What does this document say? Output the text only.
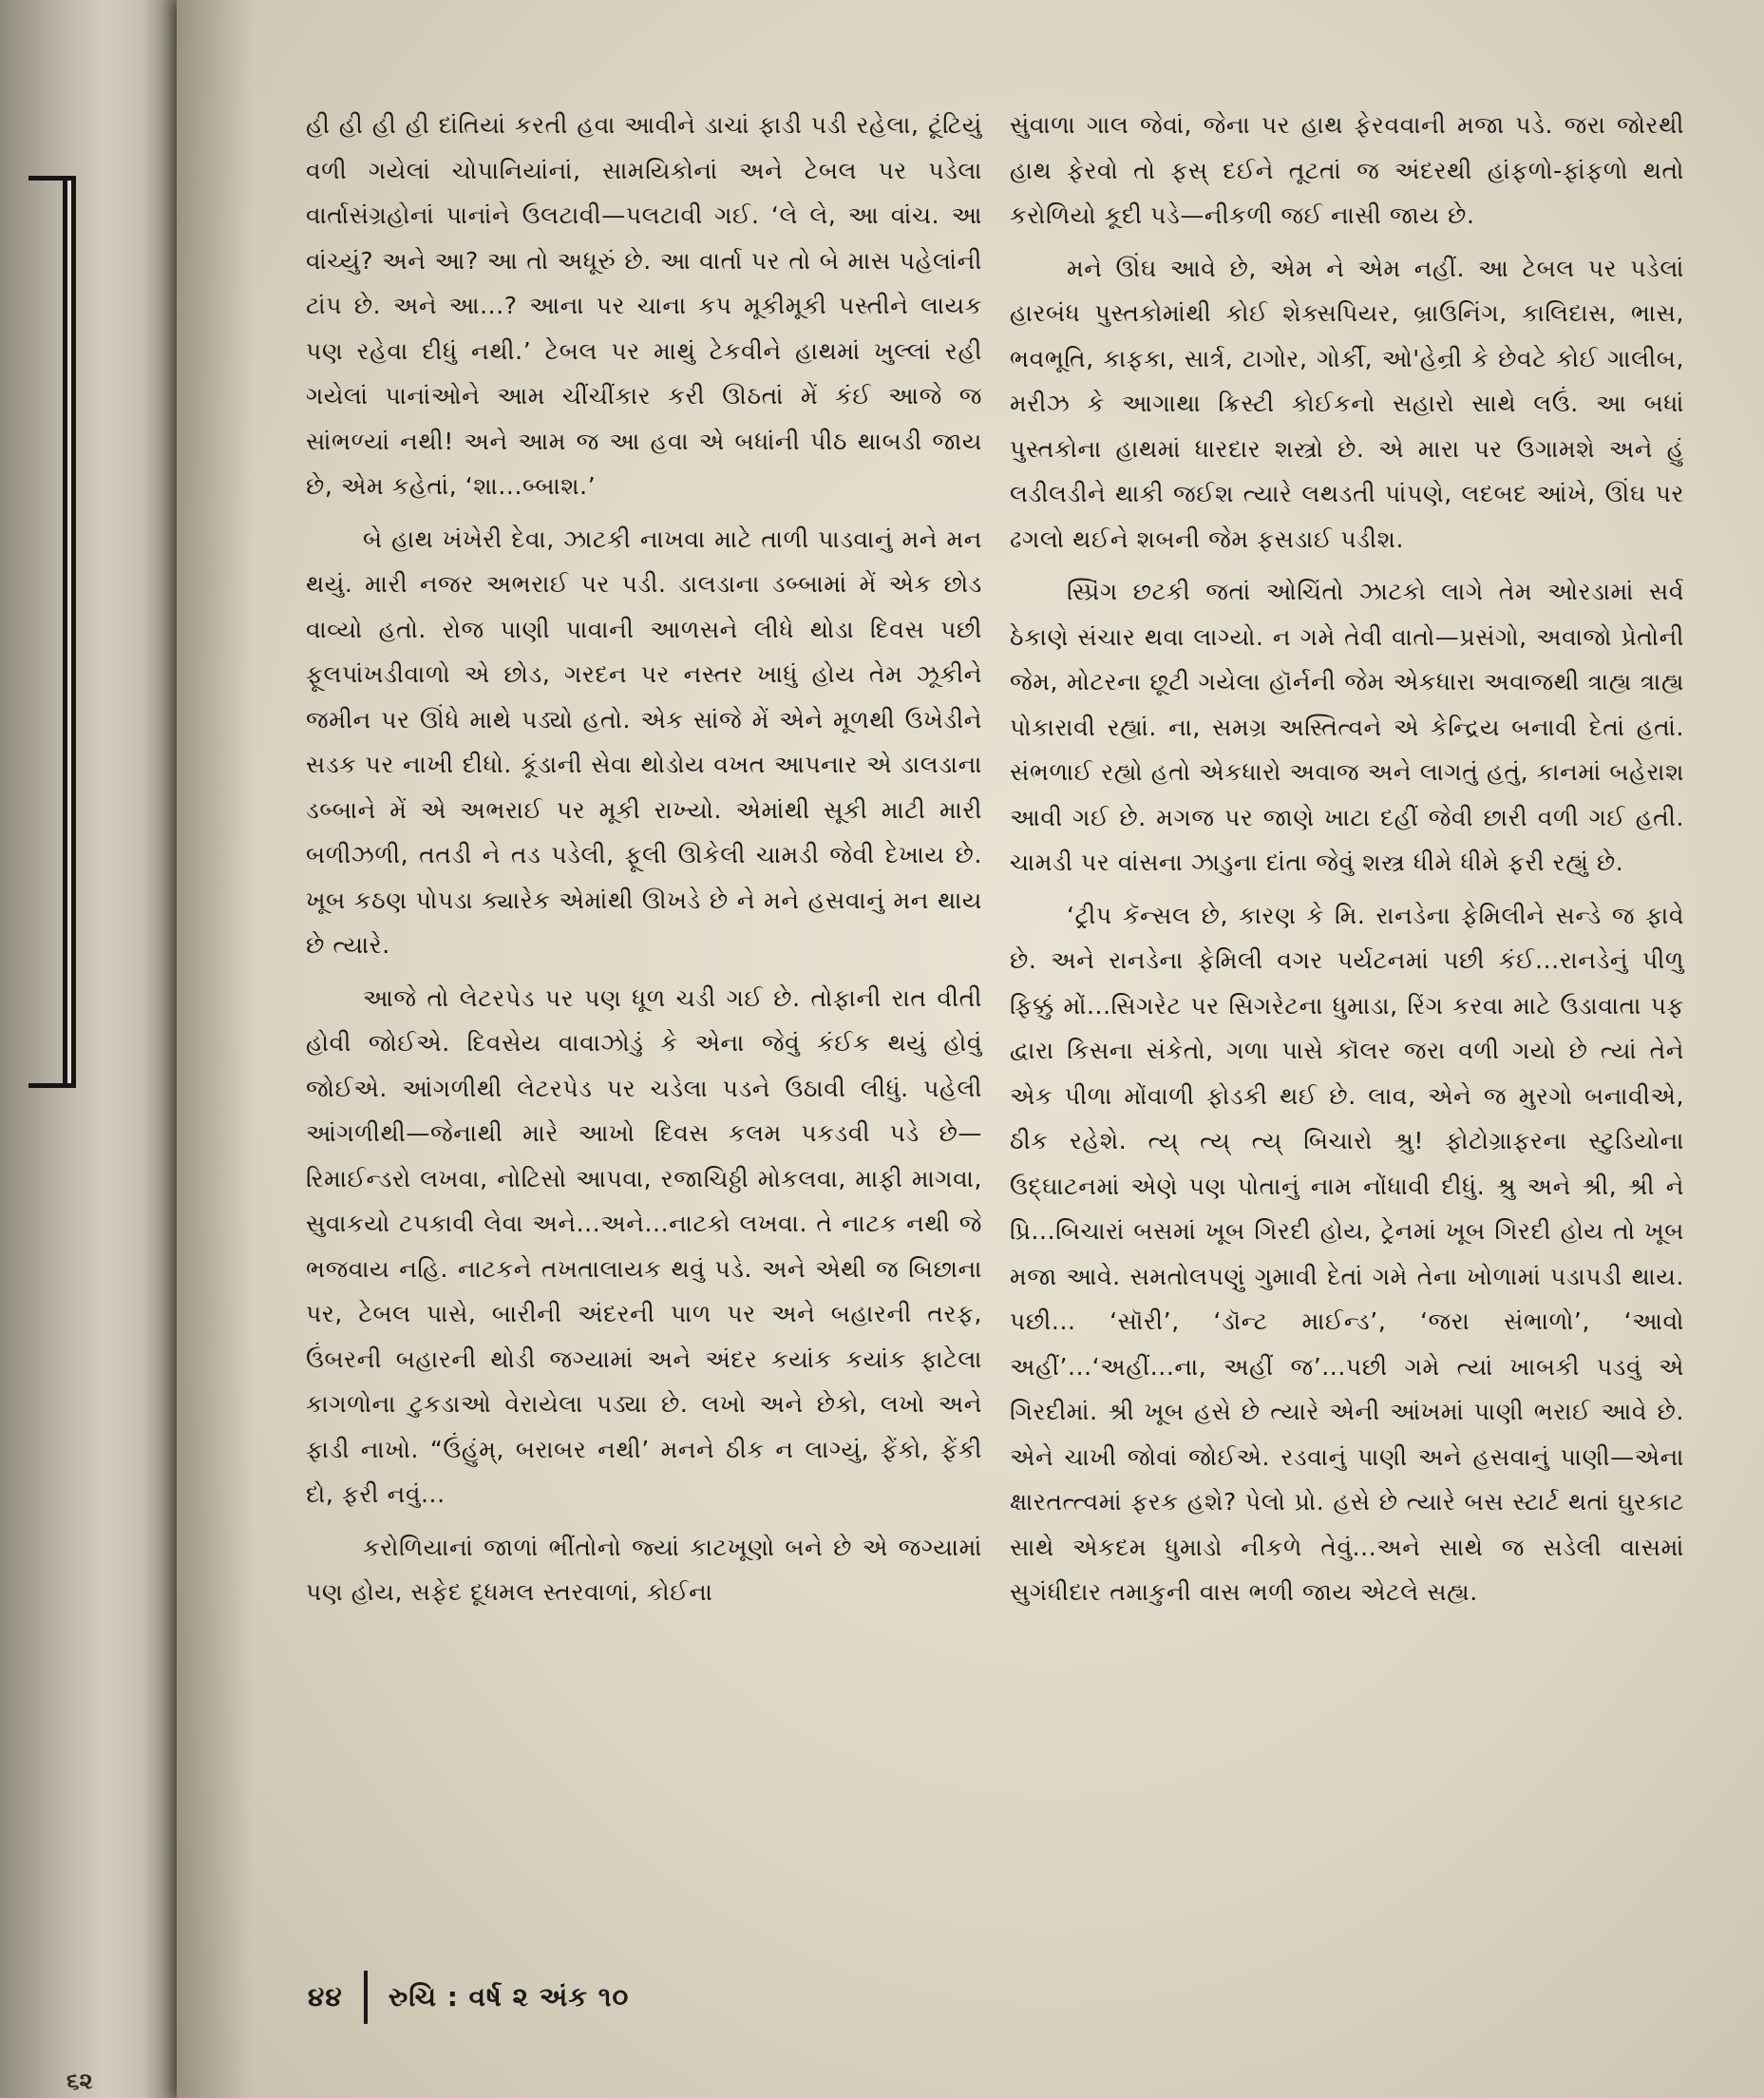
૬૨

હી હી હી હી દાંતિયાં કરતી હવા આવીને ડાચાં ફાડી પડી રહેલા, ટૂંટિયું વળી ગયેલાં ચોપાનિયાંનાં, સામયિકોનાં અને ટેબલ પર પડેલા વાર્તાસંગ્રહોનાં પાનાંને ઉલટાવી—પલટાવી ગઈ. ‘લે લે, આ વાંચ. આ વાંચ્યું? અને આ? આ તો અધૂરું છે. આ વાર્તા પર તો બે માસ પહેલાંની ટાંપ છે. અને આ...? આના પર ચાના કપ મૂકીમૂકી પસ્તીને લાયક પણ રહેવા દીધું નથી.’ ટેબલ પર માથું ટેકવીને હાથમાં ખુલ્લાં રહી ગયેલાં પાનાંઓને આમ ચીંચીંકાર કરી ઊઠતાં મેં કંઈ આજે જ સાંભળ્યાં નથી! અને આમ જ આ હવા એ બધાંની પીઠ થાબડી જાય છે, એમ કહેતાં, ‘શા...બ્બાશ.’

બે હાથ ખંખેરી દેવા, ઝાટકી નાખવા માટે તાળી પાડવાનું મને મન થયું. મારી નજર અભરાઈ પર પડી. ડાલડાના ડબ્બામાં મેં એક છોડ વાવ્યો હતો. રોજ પાણી પાવાની આળસને લીધે થોડા દિવસ પછી ફૂલપાંખડીવાળો એ છોડ, ગરદન પર નસ્તર ખાધું હોય તેમ ઝૂકીને જમીન પર ઊંધે માથે પડ્યો હતો. એક સાંજે મેં એને મૂળથી ઉખેડીને સડક પર નાખી દીધો. કૂંડાની સેવા થોડોય વખત આપનાર એ ડાલડાના ડબ્બાને મેં એ અભરાઈ પર મૂકી રાખ્યો. એમાંથી સૂકી માટી મારી બળીઝળી, તતડી ને તડ પડેલી, ફૂલી ઊકેલી ચામડી જેવી દેખાય છે. ખૂબ કઠણ પોપડા ક્યારેક એમાંથી ઊખડે છે ને મને હસવાનું મન થાય છે ત્યારે.

આજે તો લેટરપેડ પર પણ ધૂળ ચડી ગઈ છે. તોફાની રાત વીતી હોવી જોઈએ. દિવસેય વાવાઝોડું કે એના જેવું કંઈક થયું હોવું જોઈએ. આંગળીથી લેટરપેડ પર ચડેલા પડને ઉઠાવી લીધું. પહેલી આંગળીથી—જેનાથી મારે આખો દિવસ કલમ પકડવી પડે છે—રિમાઈન્ડરો લખવા, નોટિસો આપવા, રજાચિઠ્ઠી મોકલવા, માફી માગવા, સુવાકયો ટપકાવી લેવા અને...અને...નાટકો લખવા. તે નાટક નથી જે ભજવાય નહિ. નાટકને તખતાલાયક થવું પડે. અને એથી જ બિછાના પર, ટેબલ પાસે, બારીની અંદરની પાળ પર અને બહારની તરફ, ઉંબરની બહારની થોડી જગ્યામાં અને અંદર કયાંક કયાંક ફાટેલા કાગળોના ટુકડાઓ વેરાયેલા પડ્યા છે. લખો અને છેકો, લખો અને ફાડી નાખો. “ઉંહુંમ્, બરાબર નથી’ મનને ઠીક ન લાગ્યું, ફેંકો, ફેંકી દો, ફરી નવું...

કરોળિયાનાં જાળાં ભીંતોનો જ્યાં કાટખૂણો બને છે એ જગ્યામાં પણ હોય, સફેદ દૂધમલ સ્તરવાળાં, કોઈના

સુંવાળા ગાલ જેવાં, જેના પર હાથ ફેરવવાની મજા પડે. જરા જોરથી હાથ ફેરવો તો ફસ્ દઈને તૂટતાં જ અંદરથી હાંફળો-ફાંફળો થતો કરોળિયો કૂદી પડે—નીકળી જઈ નાસી જાય છે.

મને ઊંઘ આવે છે, એમ ને એમ નહીં. આ ટેબલ પર પડેલાં હારબંધ પુસ્તકોમાંથી કોઈ શેક્સપિયર, બ્રાઉનિંગ, કાલિદાસ, ભાસ, ભવભૂતિ, કાફકા, સાર્ત્ર, ટાગોર, ગોર્કી, ઓ'હેન્રી કે છેવટે કોઈ ગાલીબ, મરીઝ કે આગાથા ક્રિસ્ટી કોઈકનો સહારો સાથે લઉં. આ બધાં પુસ્તકોના હાથમાં ધારદાર શસ્ત્રો છે. એ મારા પર ઉગામશે અને હું લડીલડીને થાકી જઈશ ત્યારે લથડતી પાંપણે, લદબદ આંખે, ઊંઘ પર ઢગલો થઈને શબની જેમ ફસડાઈ પડીશ.

સ્પ્રિંગ છટકી જતાં ઓચિંતો ઝાટકો લાગે તેમ ઓરડામાં સર્વ ઠેકાણે સંચાર થવા લાગ્યો. ન ગમે તેવી વાતો—પ્રસંગો, અવાજો પ્રેતોની જેમ, મોટરના છૂટી ગયેલા હૉર્નની જેમ એકધારા અવાજથી ત્રાહ્ય ત્રાહ્ય પોકારાવી રહ્યાં. ના, સમગ્ર અસ્તિત્વને એ કેન્દ્રિય બનાવી દેતાં હતાં. સંભળાઈ રહ્યો હતો એકધારો અવાજ અને લાગતું હતું, કાનમાં બહેરાશ આવી ગઈ છે. મગજ પર જાણે ખાટા દહીં જેવી છારી વળી ગઈ હતી. ચામડી પર વાંસના ઝાડુના દાંતા જેવું શસ્ત્ર ધીમે ધીમે ફરી રહ્યું છે.

‘ટ્રીપ કૅન્સલ છે, કારણ કે મિ. રાનડેના ફેમિલીને સન્ડે જ ફાવે છે. અને રાનડેના ફેમિલી વગર પર્યટનમાં પછી કંઈ...રાનડેનું પીળુ ફિક્કું મોં...સિગરેટ પર સિગરેટના ધુમાડા, રિંગ કરવા માટે ઉડાવાતા પફ દ્વારા કિસના સંકેતો, ગળા પાસે કૉલર જરા વળી ગયો છે ત્યાં તેને એક પીળા મોંવાળી ફોડકી થઈ છે. લાવ, એને જ મુરગો બનાવીએ, ઠીક રહેશે. ત્ય્ ત્ય્ ત્ય્ બિચારો શ્રુ! ફોટોગ્રાફરના સ્ટુડિયોના ઉદ્ઘાટનમાં એણે પણ પોતાનું નામ નોંધાવી દીધું. શ્રુ અને શ્રી, શ્રી ને પ્રિ...બિચારાં બસમાં ખૂબ ગિરદી હોય, ટ્રેનમાં ખૂબ ગિરદી હોય તો ખૂબ મજા આવે. સમતોલપણું ગુમાવી દેતાં ગમે તેના ખોળામાં પડાપડી થાય. પછી... ‘સૉરી’, ‘ડૉન્ટ માઈન્ડ’, ‘જરા સંભાળો’, ‘આવો અહીં’...‘અહીં...ના, અહીં જ’...પછી ગમે ત્યાં ખાબકી પડવું એ ગિરદીમાં. શ્રી ખૂબ હસે છે ત્યારે એની આંખમાં પાણી ભરાઈ આવે છે. એને ચાખી જોવાં જોઈએ. રડવાનું પાણી અને હસવાનું પાણી—એના ક્ષારતત્ત્વમાં ફરક હશે? પેલો પ્રો. હસે છે ત્યારે બસ સ્ટાર્ટ થતાં ઘુરકાટ સાથે એકદમ ધુમાડો નીકળે તેવું...અને સાથે જ સડેલી વાસમાં સુગંધીદાર તમાકુની વાસ ભળી જાય એટલે સહ્ય.

૪૪ રુચિ : વર્ષ ૨ અંક ૧૦
